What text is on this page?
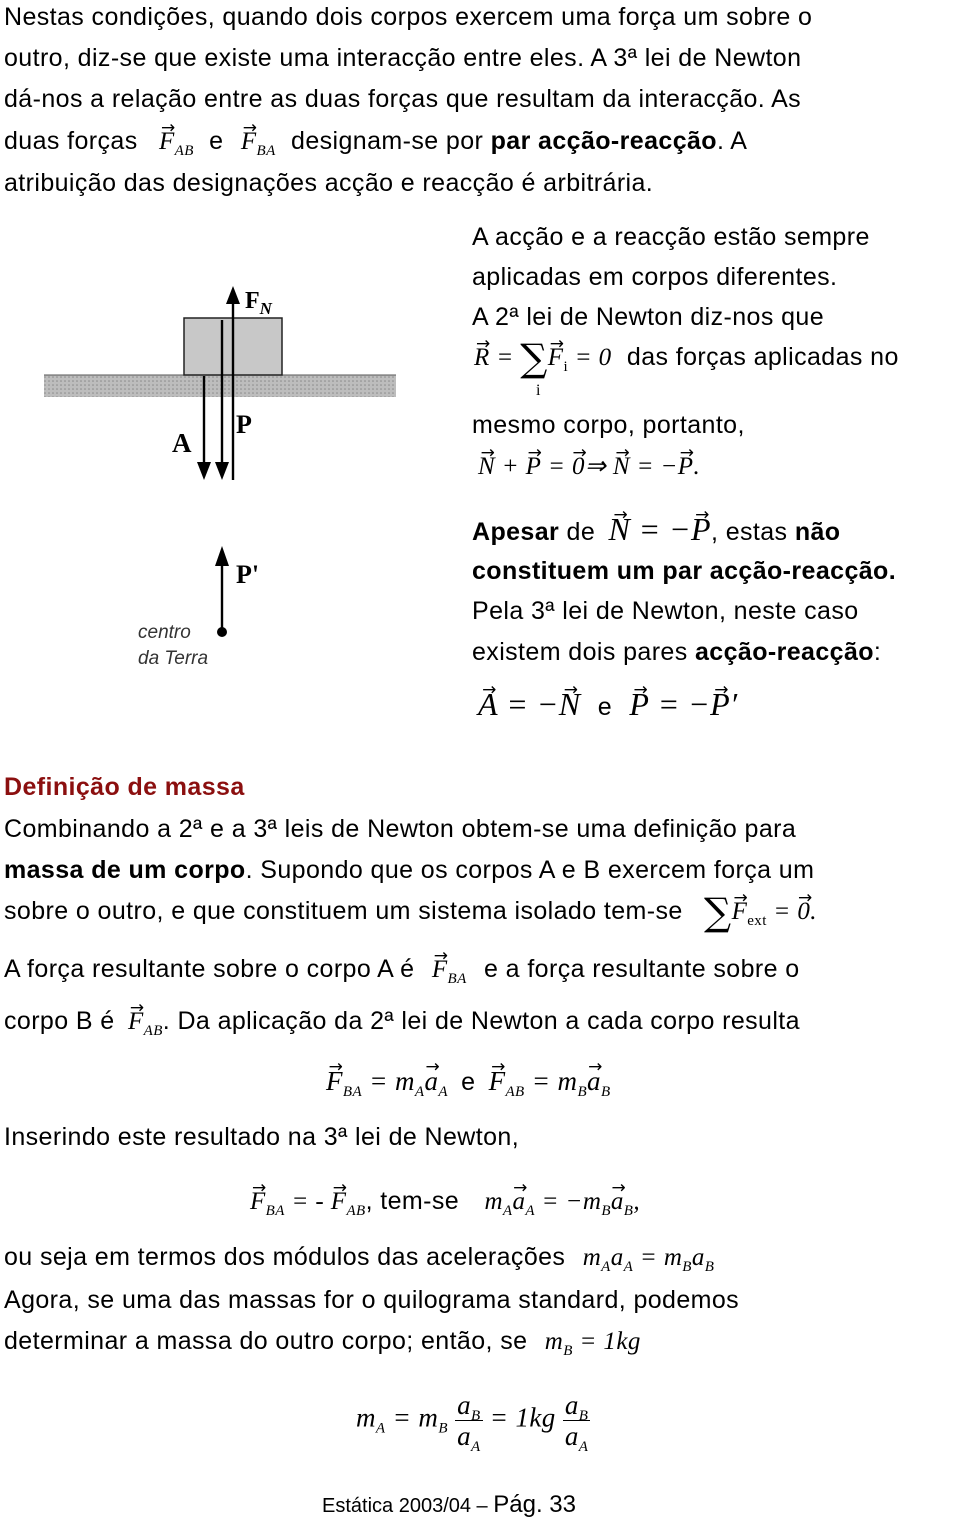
Nestas condições, quando dois corpos exercem uma força um sobre o
outro, diz-se que existe uma interacção entre eles. A 3ª lei de Newton
dá-nos a relação entre as duas forças que resultam da interacção. As
duas forças → $F_{AB}$ $e \to F_{BA}$ designam-se por par acção-reacção. A
atribuição das designações acção e reacção é arbitrária.
$F_N$
P
A
P'
centro
da Terra
A acção e a reacção estão sempre
aplicadas em corpos diferentes.
A 2ª lei de Newton diz-nos que
→ R = ∑→ $F_i = 0$ das forças aplicadas no
i
mesmo corpo, portanto,
→ N + → P = → 0⇒ → N = −→ P.
Apesar de → N = −→ P, estas não
constituem um par acção-reacção.
Pela 3ª lei de Newton, neste caso
existem dois pares acção-reacção:
→ A = −→ N e → P = −→ P′
Definição de massa
Combinando a 2ª e a 3ª leis de Newton obtem-se uma definição para
massa de um corpo. Supondo que os corpos A e B exercem força um
sobre o outro, e que constituem um sistema isolado tem-se ∑→ $F_{ext}$ = → 0.
A força resultante sobre o corpo A é → $F_{BA}$ e a força resultante sobre o
corpo B é → $F_{AB}$. Da aplicação da 2ª lei de Newton a cada corpo resulta
→ $F_{BA} = m_A\to a_A$ $e \to F_{AB} = m_B\to a_B$
Inserindo este resultado na 3ª lei de Newton,
→ $F_{BA}$ = - → $F_{AB}$, tem-se $m_A\to a_A = -m_B\to a_B$,
ou seja em termos dos módulos das acelerações $m_Aa_A = m_Ba_B$
Agora, se uma das massas for o quilograma standard, podemos
determinar a massa do outro corpo; então, se $m_B = 1kg$
$m_A = m_B \frac{a_B}{a_A} = 1kg \frac{a_B}{a_A}$
Estática 2003/04 – Pág. 33
